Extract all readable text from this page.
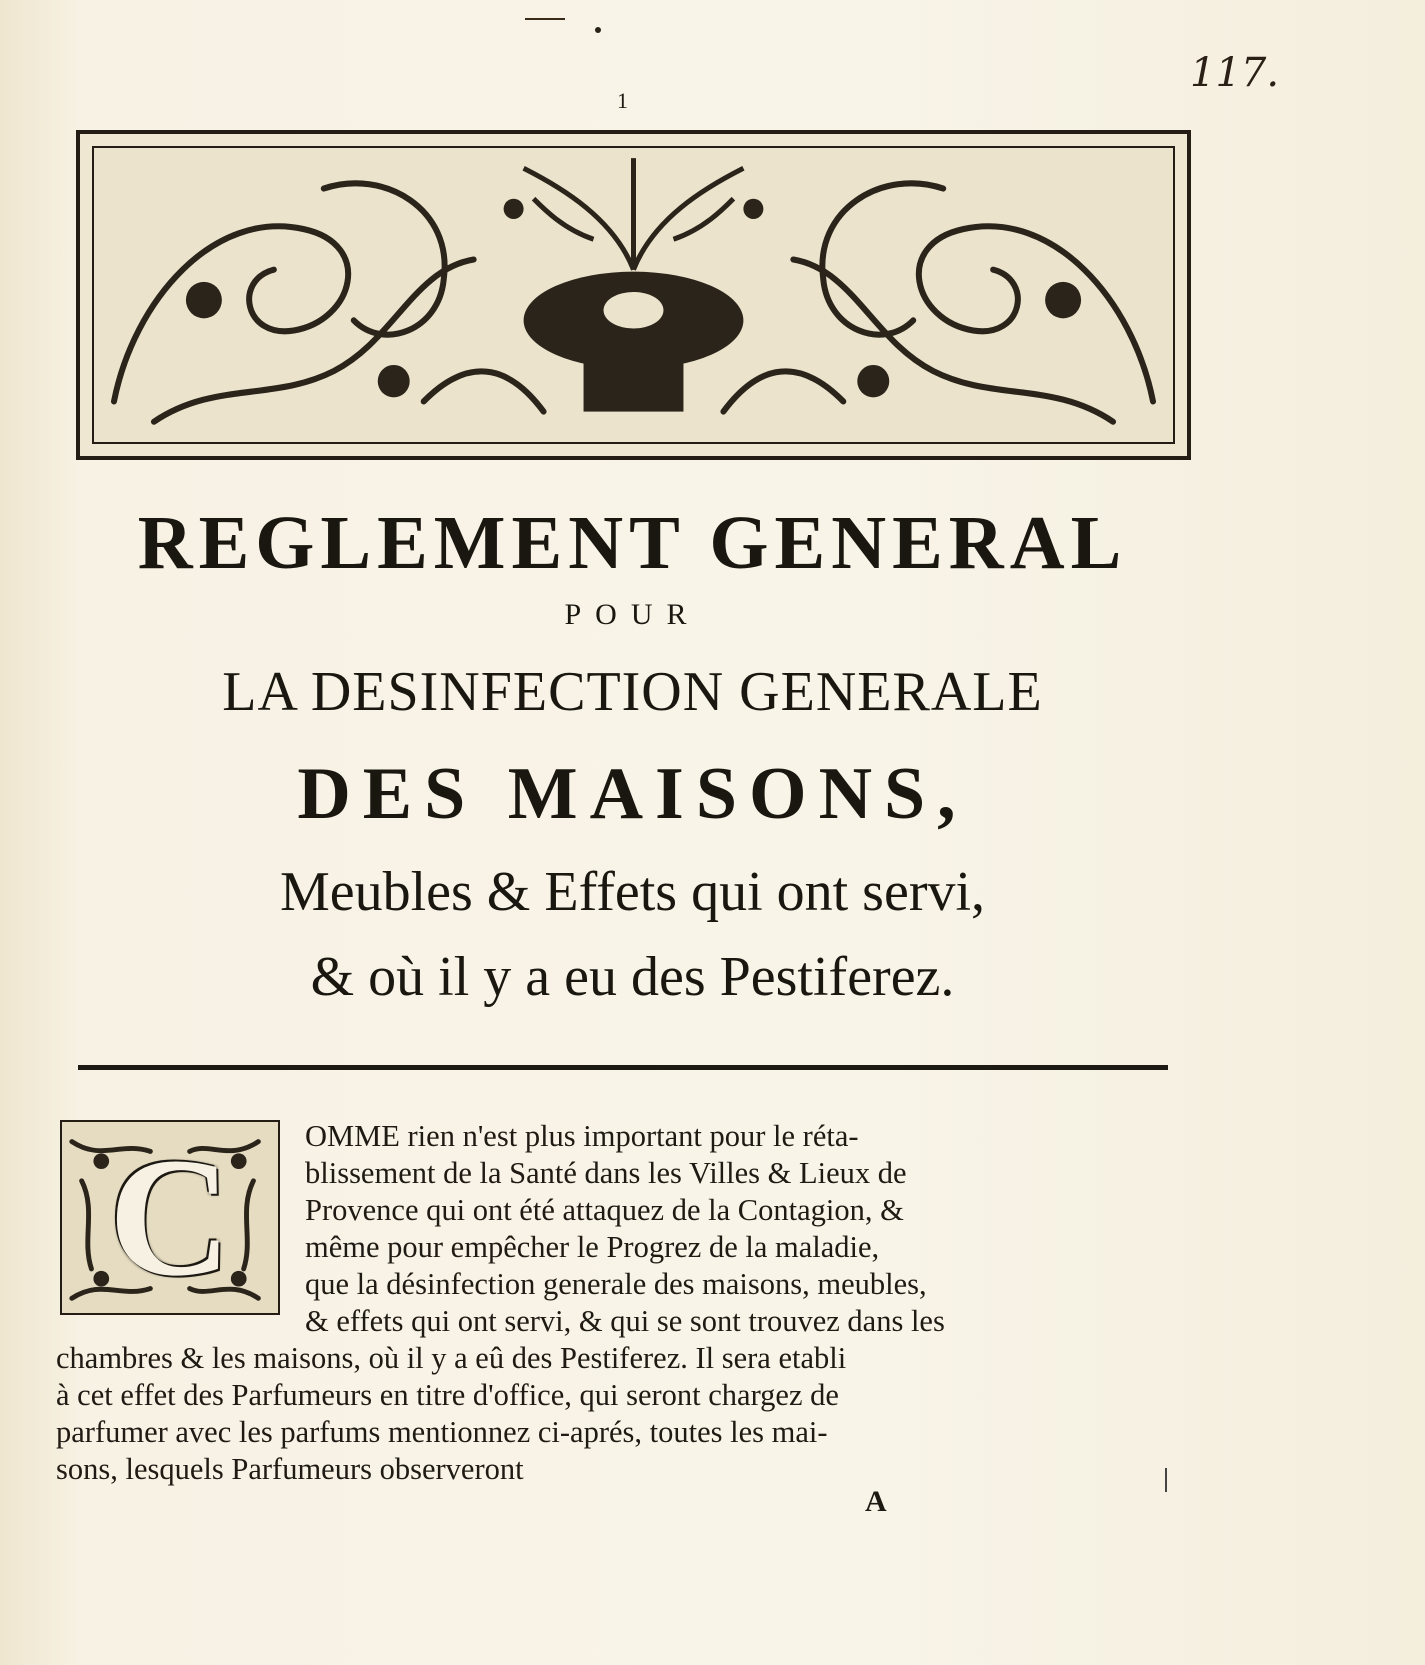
1
117.
REGLEMENT GENERAL
POUR
LA DESINFECTION GENERALE
DES MAISONS,
Meubles & Effets qui ont servi,
& où il y a eu des Pestiferez.
C	OMME rien n'est plus important pour le réta-
blissement de la Santé dans les Villes & Lieux de
Provence qui ont été attaquez de la Contagion, &
même pour empêcher le Progrez de la maladie,
que la désinfection generale des maisons, meubles,
& effets qui ont servi, & qui se sont trouvez dans les
chambres & les maisons, où il y a eû des Pestiferez. Il sera etabli
à cet effet des Parfumeurs en titre d'office, qui seront chargez de
parfumer avec les parfums mentionnez ci-aprés, toutes les mai-
sons, lesquels Parfumeurs observeront
A
